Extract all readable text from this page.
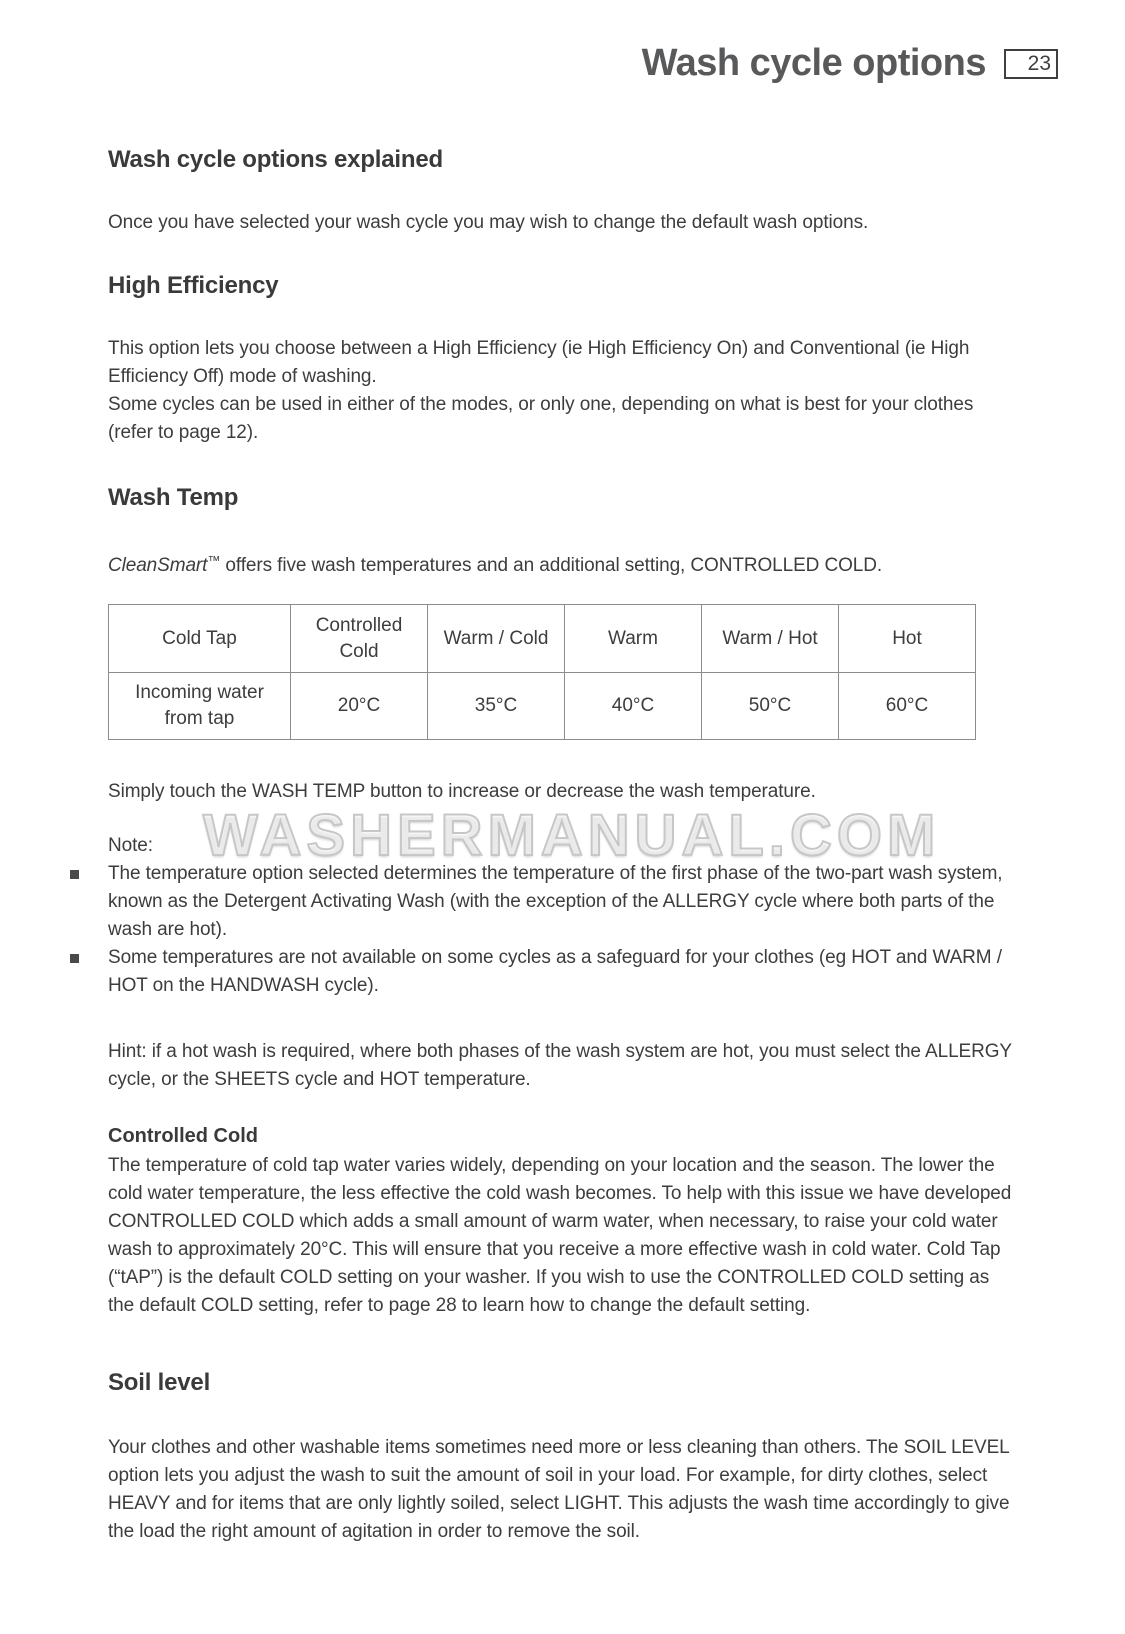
WASHERMANUAL.COM
Wash cycle options 23
Wash cycle options explained

Once you have selected your wash cycle you may wish to change the default wash options.

High Efficiency

This option lets you choose between a High Efficiency (ie High Efficiency On) and Conventional (ie High Efficiency Off) mode of washing.
Some cycles can be used in either of the modes, or only one, depending on what is best for your clothes (refer to page 12).

Wash Temp

CleanSmart™ offers five wash temperatures and an additional setting, CONTROLLED COLD.

Cold Tap	Controlled Cold	Warm / Cold	Warm	Warm / Hot	Hot
Incoming water from tap	20°C	35°C	40°C	50°C	60°C

Simply touch the WASH TEMP button to increase or decrease the wash temperature.

Note:

The temperature option selected determines the temperature of the first phase of the two-part wash system, known as the Detergent Activating Wash (with the exception of the ALLERGY cycle where both parts of the wash are hot).
Some temperatures are not available on some cycles as a safeguard for your clothes (eg HOT and WARM / HOT on the HANDWASH cycle).

Hint: if a hot wash is required, where both phases of the wash system are hot, you must select the ALLERGY cycle, or the SHEETS cycle and HOT temperature.

Controlled Cold

The temperature of cold tap water varies widely, depending on your location and the season. The lower the cold water temperature, the less effective the cold wash becomes. To help with this issue we have developed CONTROLLED COLD which adds a small amount of warm water, when necessary, to raise your cold water wash to approximately 20°C. This will ensure that you receive a more effective wash in cold water. Cold Tap (“tAP”) is the default COLD setting on your washer. If you wish to use the CONTROLLED COLD setting as the default COLD setting, refer to page 28 to learn how to change the default setting.

Soil level

Your clothes and other washable items sometimes need more or less cleaning than others. The SOIL LEVEL option lets you adjust the wash to suit the amount of soil in your load. For example, for dirty clothes, select HEAVY and for items that are only lightly soiled, select LIGHT. This adjusts the wash time accordingly to give the load the right amount of agitation in order to remove the soil.
